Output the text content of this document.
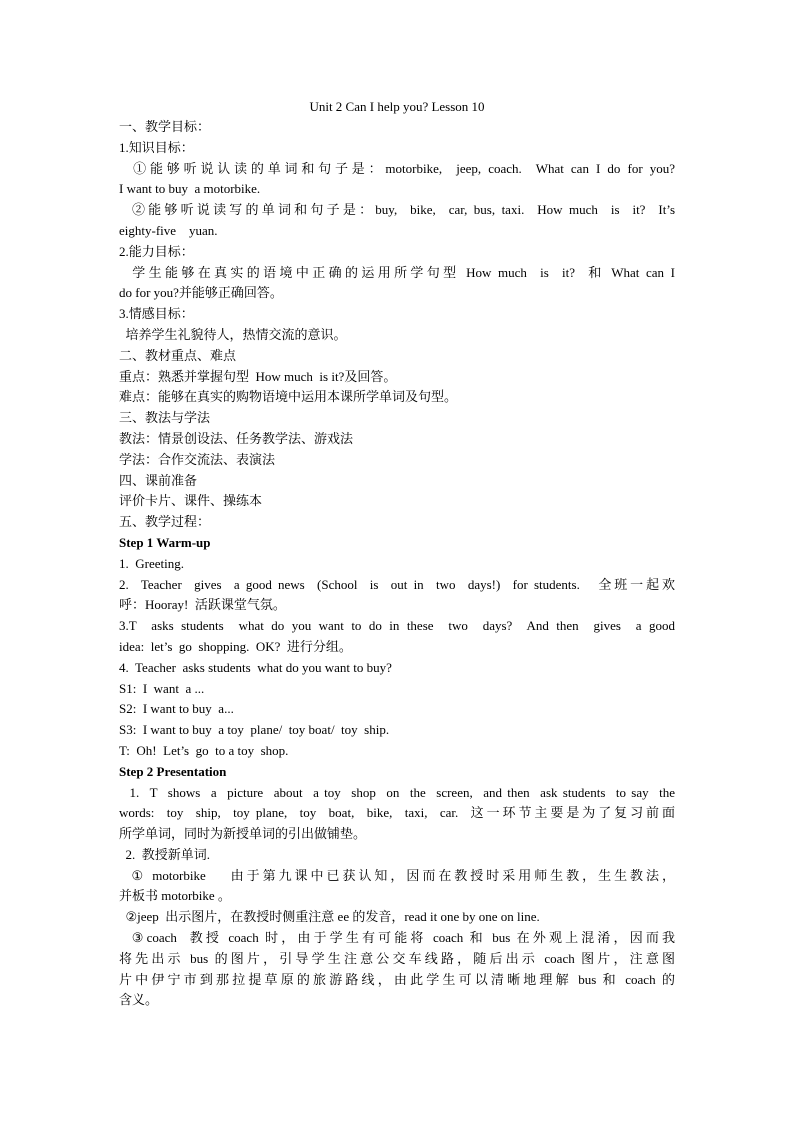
Unit 2 Can I help you? Lesson 10
一、教学目标：
1.知识目标：
①能够听说认读的单词和句子是：motorbike,  jeep, coach.  What can I do for you?
I want to buy  a motorbike.
②能够听说读写的单词和句子是：buy,  bike,  car, bus, taxi.  How much  is  it?  It’s
eighty-five    yuan.
2.能力目标：
学生能够在真实的语境中正确的运用所学句型 How much  is  it?  和 What can I
do for you?并能够正确回答。
3.情感目标：
培养学生礼貌待人，热情交流的意识。
二、教材重点、难点
重点：熟悉并掌握句型  How much  is it?及回答。
难点：能够在真实的购物语境中运用本课所学单词及句型。
三、教法与学法
教法：情景创设法、任务教学法、游戏法
学法：合作交流法、表演法
四、课前准备
评价卡片、课件、操练本
五、教学过程：
Step 1 Warm-up
1.  Greeting.
2.  Teacher  gives  a good news  (School  is  out in  two  days!)  for students.   全班一起欢
呼：Hooray!  活跃课堂气氛。
3.T  asks students  what do you want to do in these  two  days?  And then  gives  a good
idea:  let’s  go  shopping.  OK?  进行分组。
4.  Teacher  asks students  what do you want to buy?
S1:  I  want  a ...
S2:  I want to buy  a...
S3:  I want to buy  a toy  plane/  toy boat/  toy  ship.
T:  Oh!  Let’s  go  to a toy  shop.
Step 2 Presentation
1.  T  shows  a  picture  about  a toy  shop  on  the  screen,  and then  ask students  to say  the
words:  toy  ship,  toy plane,  toy  boat,  bike,  taxi,  car.  这一环节主要是为了复习前面
所学单词，同时为新授单词的引出做铺垫。
2.  教授新单词.
① motorbike    由于第九课中已获认知，因而在教授时采用师生教，生生教法，
并板书 motorbike 。
②jeep  出示图片，在教授时侧重注意 ee 的发音，read it one by one on line.
③coach  教授 coach 时，由于学生有可能将 coach 和 bus 在外观上混淆，因而我
将先出示 bus 的图片，引导学生注意公交车线路，随后出示 coach 图片，注意图
片中伊宁市到那拉提草原的旅游路线，由此学生可以清晰地理解 bus 和 coach 的
含义。
